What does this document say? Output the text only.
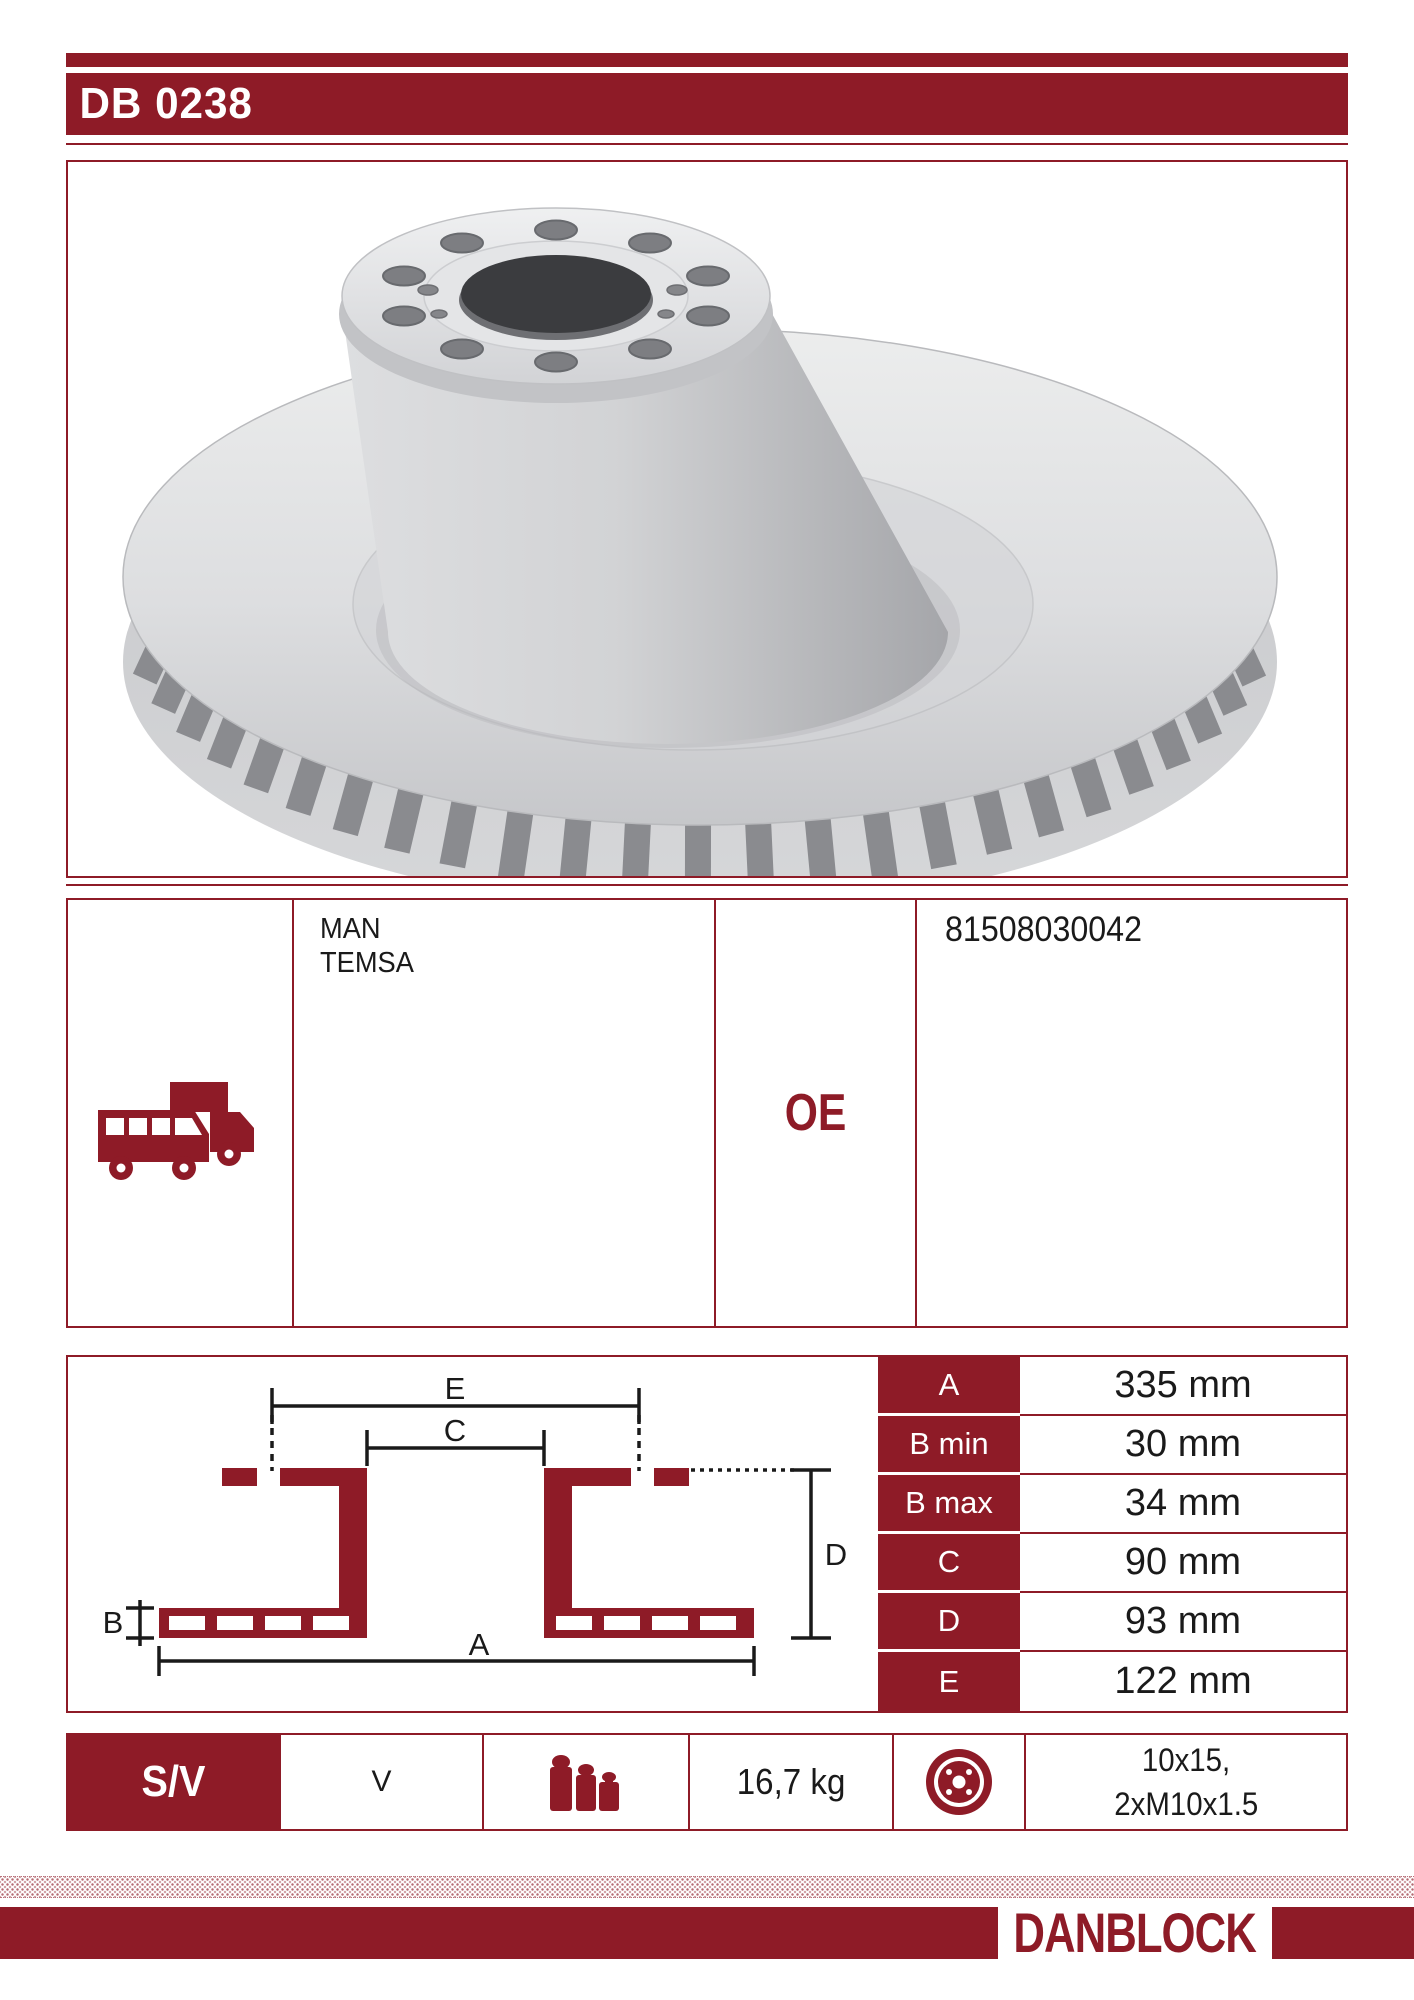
DB 0238
MAN
TEMSA
OE
81508030042
E
C
D
B
A
A	335 mm
B min	30 mm
B max	34 mm
C	90 mm
D	93 mm
E	122 mm
S/V	V	16,7 kg
10x15,
2xM10x1.5
DANBLOCK
